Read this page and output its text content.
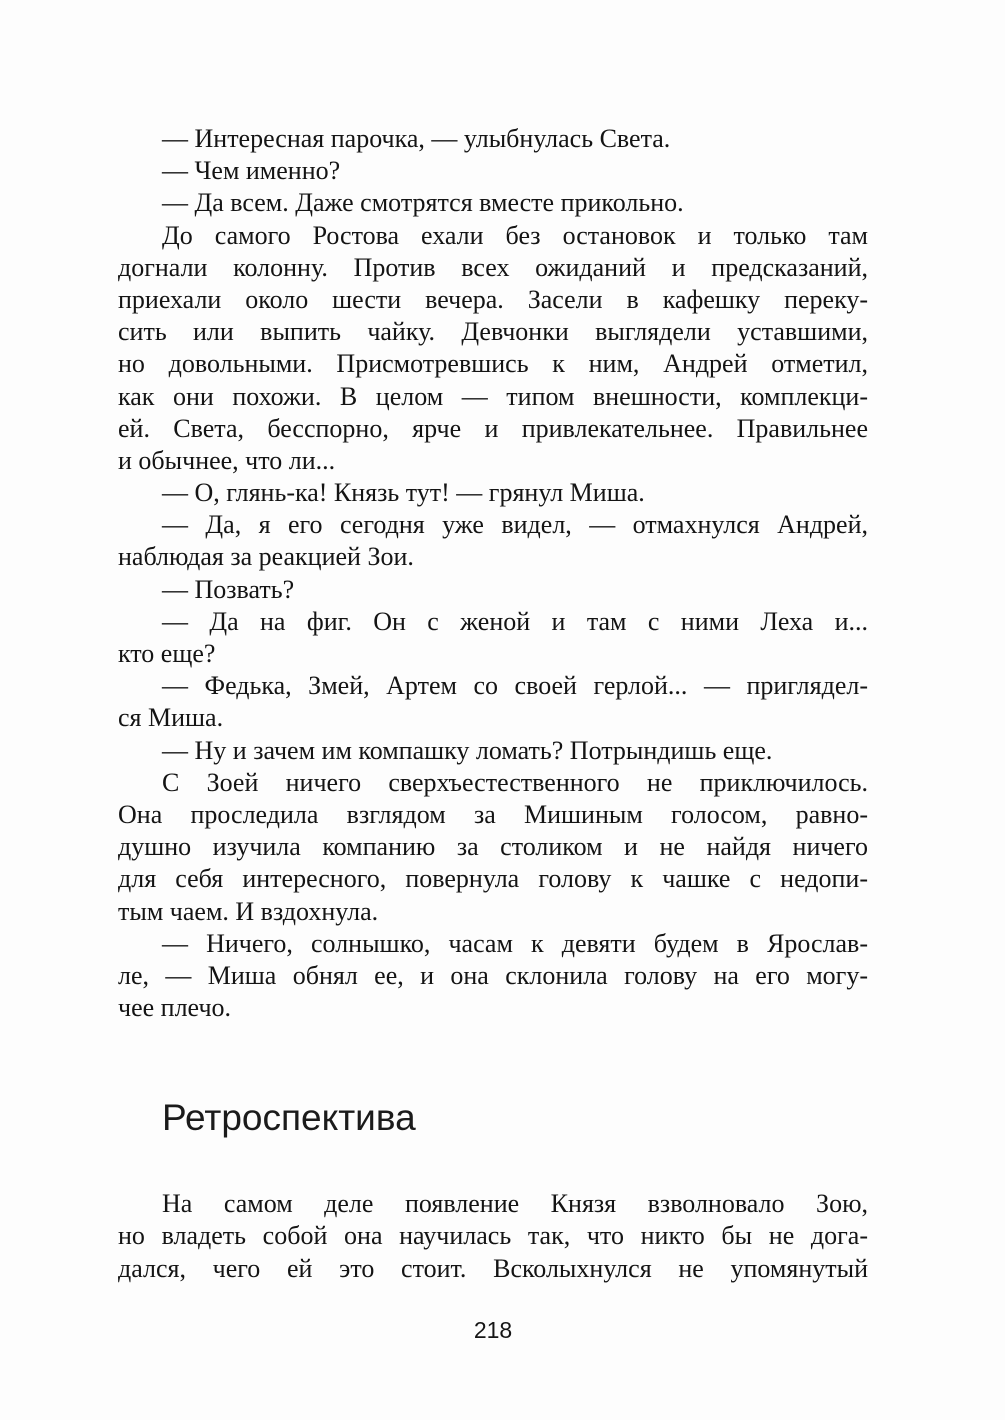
— Интересная парочка, — улыбнулась Света.
— Чем именно?
— Да всем. Даже смотрятся вместе прикольно.
До самого Ростова ехали без остановок и только там
догнали колонну. Против всех ожиданий и предсказаний,
приехали около шести вечера. Засели в кафешку переку-
сить или выпить чайку. Девчонки выглядели уставшими,
но довольными. Присмотревшись к ним, Андрей отметил,
как они похожи. В целом — типом внешности, комплекци-
ей. Света, бесспорно, ярче и привлекательнее. Правильнее
и обычнее, что ли...
— О, глянь-ка! Князь тут! — грянул Миша.
— Да, я его сегодня уже видел, — отмахнулся Андрей,
наблюдая за реакцией Зои.
— Позвать?
— Да на фиг. Он с женой и там с ними Леха и...
кто еще?
— Федька, Змей, Артем со своей герлой... — приглядел-
ся Миша.
— Ну и зачем им компашку ломать? Потрындишь еще.
С Зоей ничего сверхъестественного не приключилось.
Она проследила взглядом за Мишиным голосом, равно-
душно изучила компанию за столиком и не найдя ничего
для себя интересного, повернула голову к чашке с недопи-
тым чаем. И вздохнула.
— Ничего, солнышко, часам к девяти будем в Ярослав-
ле, — Миша обнял ее, и она склонила голову на его могу-
чее плечо.
Ретроспектива
На самом деле появление Князя взволновало Зою,
но владеть собой она научилась так, что никто бы не дога-
дался, чего ей это стоит. Всколыхнулся не упомянутый
218
